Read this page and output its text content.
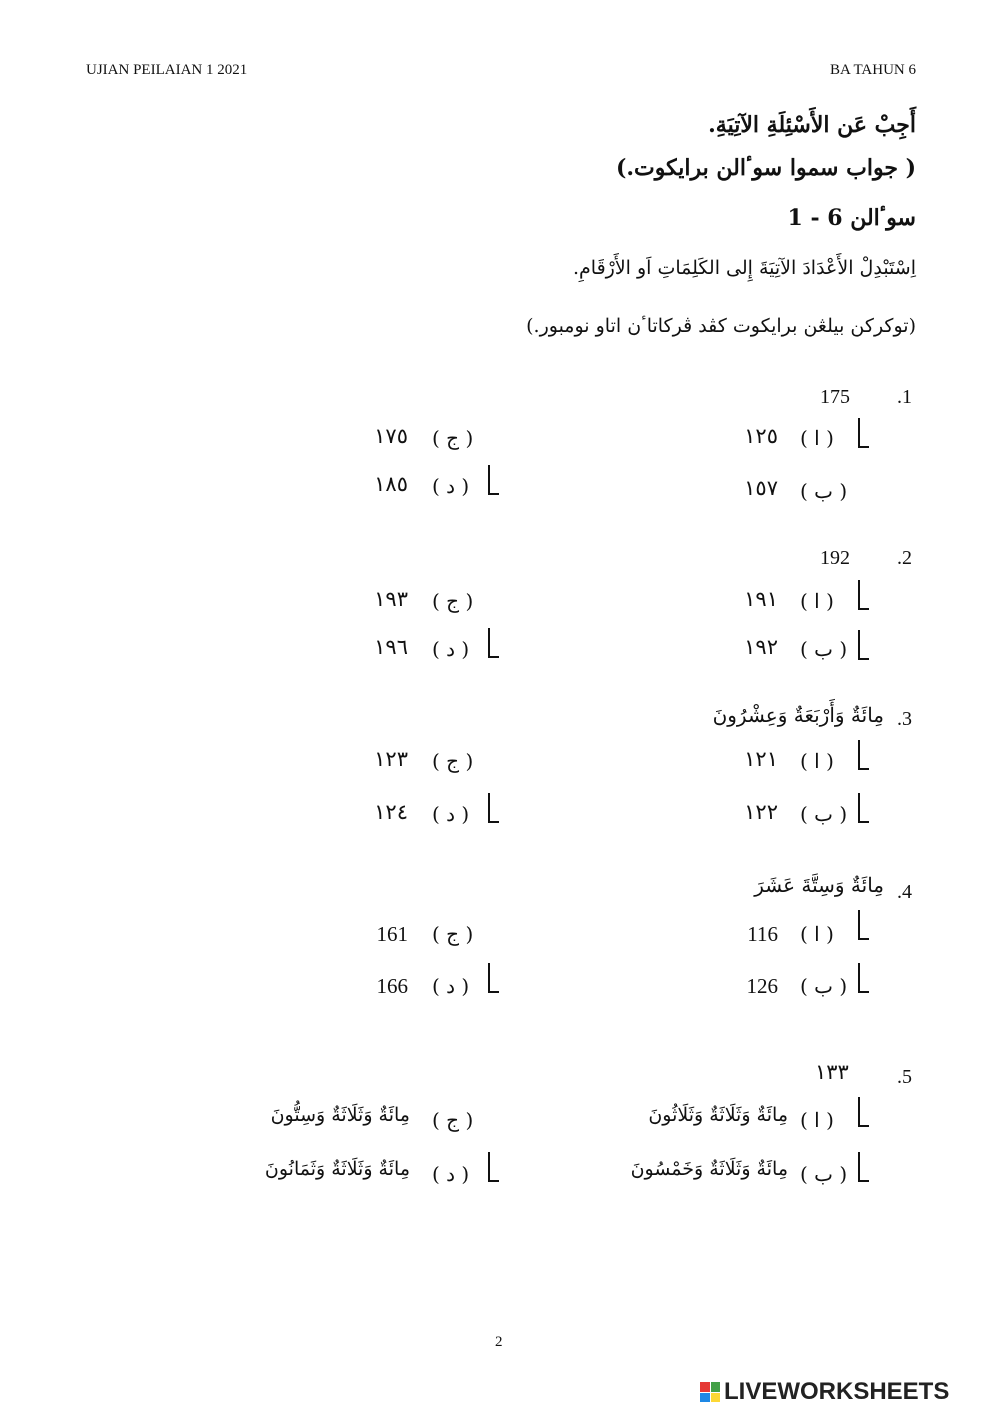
UJIAN PEILAIAN 1 2021	BA TAHUN 6
أَجِبْ عَن الأَسْئِلَةِ الآتِيَةِ.
( جواب سموا سوٴالن برايكوت.)
سوٴالن 6 - 1
اِسْتَبْدِلْ الأَعْدَادَ الآتِيَةَ إِلى الكَلِمَاتِ اَو الأَرْقَامِ.
(توكركن بيلڠن برايكوت كڤد ڤركاتاٴن اتاو نومبور.)
.1
175
( ا )
١٢٥
( ب )
١٥٧
( ج )
١٧٥
( د )
١٨٥
.2
192
( ا )
١٩١
( ب )
١٩٢
( ج )
١٩٣
( د )
١٩٦
.3
مِائَةٌ وَأَرْبَعَةٌ وَعِشْرُونَ
( ا )
١٢١
( ب )
١٢٢
( ج )
١٢٣
( د )
١٢٤
.4
مِائَةٌ وَسِتَّةَ عَشَرَ
( ا )
116
( ب )
126
( ج )
161
( د )
166
.5
١٣٣
( ا )
مِائَةٌ وَثَلَاثَةٌ وَثَلَاثُونَ
( ب )
مِائَةٌ وَثَلَاثَةٌ وَخَمْسُونَ
( ج )
مِائَةٌ وَثَلَاثَةٌ وَسِتُّونَ
( د )
مِائَةٌ وَثَلَاثَةٌ وَثَمَانُونَ
2
LIVEWORKSHEETS
